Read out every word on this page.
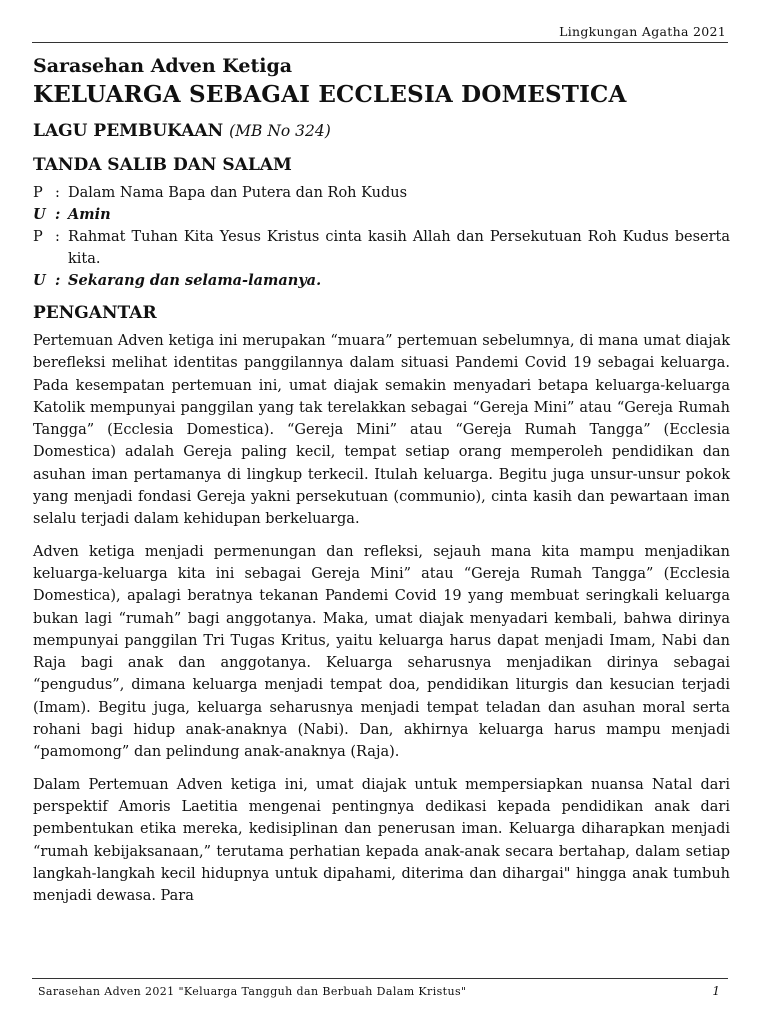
Lingkungan Agatha 2021
Sarasehan Adven Ketiga
KELUARGA SEBAGAI ECCLESIA DOMESTICA
LAGU PEMBUKAAN (MB No 324)
TANDA SALIB DAN SALAM
P : Dalam Nama Bapa dan Putera dan Roh Kudus
U : Amin
P : Rahmat Tuhan Kita Yesus Kristus cinta kasih Allah dan Persekutuan Roh Kudus beserta kita.
U : Sekarang dan selama-lamanya.
PENGANTAR

Pertemuan Adven ketiga ini merupakan “muara” pertemuan sebelumnya, di mana umat diajak berefleksi melihat identitas panggilannya dalam situasi Pandemi Covid 19 sebagai keluarga. Pada kesempatan pertemuan ini, umat diajak semakin menyadari betapa keluarga-keluarga Katolik mempunyai panggilan yang tak terelakkan sebagai “Gereja Mini” atau “Gereja Rumah Tangga” (Ecclesia Domestica). “Gereja Mini” atau “Gereja Rumah Tangga” (Ecclesia Domestica) adalah Gereja paling kecil, tempat setiap orang memperoleh pendidikan dan asuhan iman pertamanya di lingkup terkecil. Itulah keluarga. Begitu juga unsur-unsur pokok yang menjadi fondasi Gereja yakni persekutuan (communio), cinta kasih dan pewartaan iman selalu terjadi dalam kehidupan berkeluarga.

Adven ketiga menjadi permenungan dan refleksi, sejauh mana kita mampu menjadikan keluarga-keluarga kita ini sebagai Gereja Mini” atau “Gereja Rumah Tangga” (Ecclesia Domestica), apalagi beratnya tekanan Pandemi Covid 19 yang membuat seringkali keluarga bukan lagi “rumah” bagi anggotanya. Maka, umat diajak menyadari kembali, bahwa dirinya mempunyai panggilan Tri Tugas Kritus, yaitu keluarga harus dapat menjadi Imam, Nabi dan Raja bagi anak dan anggotanya. Keluarga seharusnya menjadikan dirinya sebagai “pengudus”, dimana keluarga menjadi tempat doa, pendidikan liturgis dan kesucian terjadi (Imam). Begitu juga, keluarga seharusnya menjadi tempat teladan dan asuhan moral serta rohani bagi hidup anak-anaknya (Nabi). Dan, akhirnya keluarga harus mampu menjadi “pamomong” dan pelindung anak-anaknya (Raja).

Dalam Pertemuan Adven ketiga ini, umat diajak untuk mempersiapkan nuansa Natal dari perspektif Amoris Laetitia mengenai pentingnya dedikasi kepada pendidikan anak dari pembentukan etika mereka, kedisiplinan dan penerusan iman. Keluarga diharapkan menjadi “rumah kebijaksanaan,” terutama perhatian kepada anak-anak secara bertahap, dalam setiap langkah-langkah kecil hidupnya untuk dipahami, diterima dan dihargai" hingga anak tumbuh menjadi dewasa. Para

Sarasehan Adven 2021 "Keluarga Tangguh dan Berbuah Dalam Kristus"	1
